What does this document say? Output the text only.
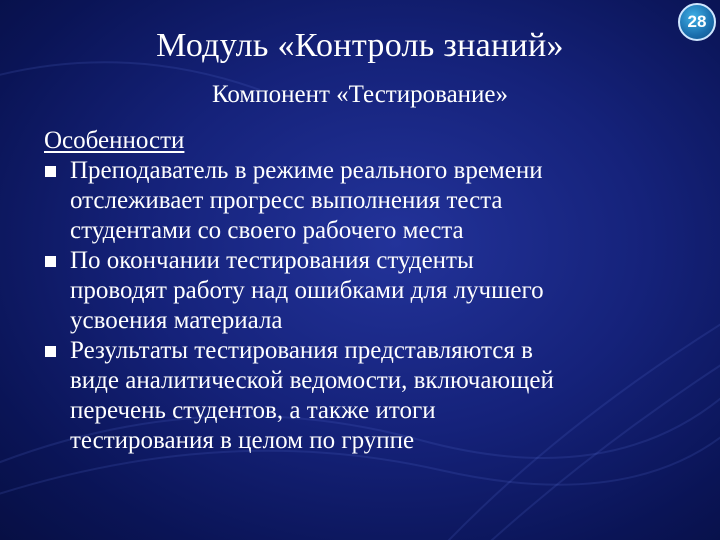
28
Модуль «Контроль знаний»
Компонент «Тестирование»
Особенности
Преподаватель в режиме реального времени
отслеживает прогресс выполнения теста
студентами со своего рабочего места
По окончании тестирования студенты
проводят работу над ошибками для лучшего
усвоения материала
Результаты тестирования представляются в
виде аналитической ведомости, включающей
перечень студентов, а также итоги
тестирования в целом по группе
